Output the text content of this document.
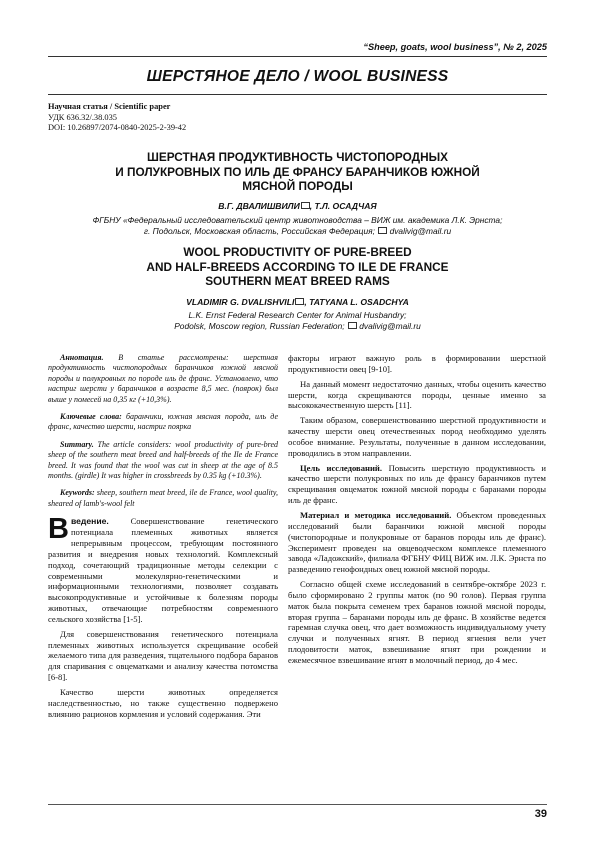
“Sheep, goats, wool business”, № 2, 2025
ШЕРСТЯНОЕ ДЕЛО / WOOL BUSINESS
Научная статья / Scientific paper
УДК 636.32/.38.035
DOI: 10.26897/2074-0840-2025-2-39-42
ШЕРСТНАЯ ПРОДУКТИВНОСТЬ ЧИСТОПОРОДНЫХ
И ПОЛУКРОВНЫХ ПО ИЛЬ ДЕ ФРАНСУ БАРАНЧИКОВ ЮЖНОЙ
МЯСНОЙ ПОРОДЫ
В.Г. ДВАЛИШВИЛИ , Т.Л. ОСАДЧАЯ
ФГБНУ «Федеральный исследовательский центр животноводства – ВИЖ им. академика Л.К. Эрнста;
г. Подольск, Московская область, Российская Федерация; dvalivig@mail.ru
WOOL PRODUCTIVITY OF PURE-BREED
AND HALF-BREEDS ACCORDING TO ILE DE FRANCE
SOUTHERN MEAT BREED RAMS
VLADIMIR G. DVALISHVILI , TATYANA L. OSADCHYA
L.K. Ernst Federal Research Center for Animal Husbandry;
Podolsk, Moscow region, Russian Federation; dvalivig@mail.ru

Аннотация. В статье рассмотрены: шерстная продуктивность чистопородных баранчиков южной мясной породы и полукровных по породе иль де франс. Установлено, что настриг шерсти у баранчиков в возрасте 8,5 мес. (поярок) был выше у помесей на 0,35 кг (+10,3%).

Ключевые слова: баранчики, южная мясная порода, иль де франс, качество шерсти, настриг поярка

Summary. The article considers: wool productivity of pure-bred sheep of the southern meat breed and half-breeds of the Ile de France breed. It was found that the wool was cut in sheep at the age of 8.5 months. (girdle) It was higher in crossbreeds by 0.35 kg (+10.3%).

Keywords: sheep, southern meat breed, ile de France, wool quality, sheared of lamb's-wool felt

Введение. Совершенствование генетического потенциала племенных животных является непрерывным процессом, требующим постоянного развития и внедрения новых технологий. Комплексный подход, сочетающий традиционные методы селекции с современными молекулярно-генетическими и информационными технологиями, позволяет создавать высокопродуктивные и устойчивые к болезням породы животных, отвечающие потребностям современного сельского хозяйства [1-5].

Для совершенствования генетического потенциала племенных животных используется скрещивание особей желаемого типа для разведения, тщательного подбора баранов для спаривания с овцематками и анализу качества потомства [6-8].

Качество шерсти животных определяется наследственностью, но также существенно подвержено влиянию рационов кормления и условий содержания. Эти

факторы играют важную роль в формировании шерстной продуктивности овец [9-10].

На данный момент недостаточно данных, чтобы оценить качество шерсти, когда скрещиваются породы, ценные именно за высококачественную шерсть [11].

Таким образом, совершенствованию шерстной продуктивности и качеству шерсти овец отечественных пород необходимо уделять особое внимание. Результаты, полученные в данном исследовании, проводились в этом направлении.

Цель исследований. Повысить шерстную продуктивность и качество шерсти полукровных по иль де франсу баранчиков путем скрещивания овцематок южной мясной породы с баранами породы иль де франс.

Материал и методика исследований. Объектом проведенных исследований были баранчики южной мясной породы (чистопородные и полукровные от баранов породы иль де франс). Эксперимент проведен на овцеводческом комплексе племенного завода «Ладожский», филиала ФГБНУ ФИЦ ВИЖ им. Л.К. Эрнста по разведению генофондных овец южной мясной породы.

Согласно общей схеме исследований в сентябре-октябре 2023 г. было сформировано 2 группы маток (по 90 голов). Первая группа маток была покрыта семенем трех баранов южной мясной породы, вторая группа – баранами породы иль де франс. В хозяйстве ведется гаремная случка овец, что дает возможность индивидуальному учету случки и полученных ягнят. В период ягнения вели учет плодовитости маток, взвешивание ягнят при рождении и ежемесячное взвешивание ягнят в молочный период, до 4 мес.

39
